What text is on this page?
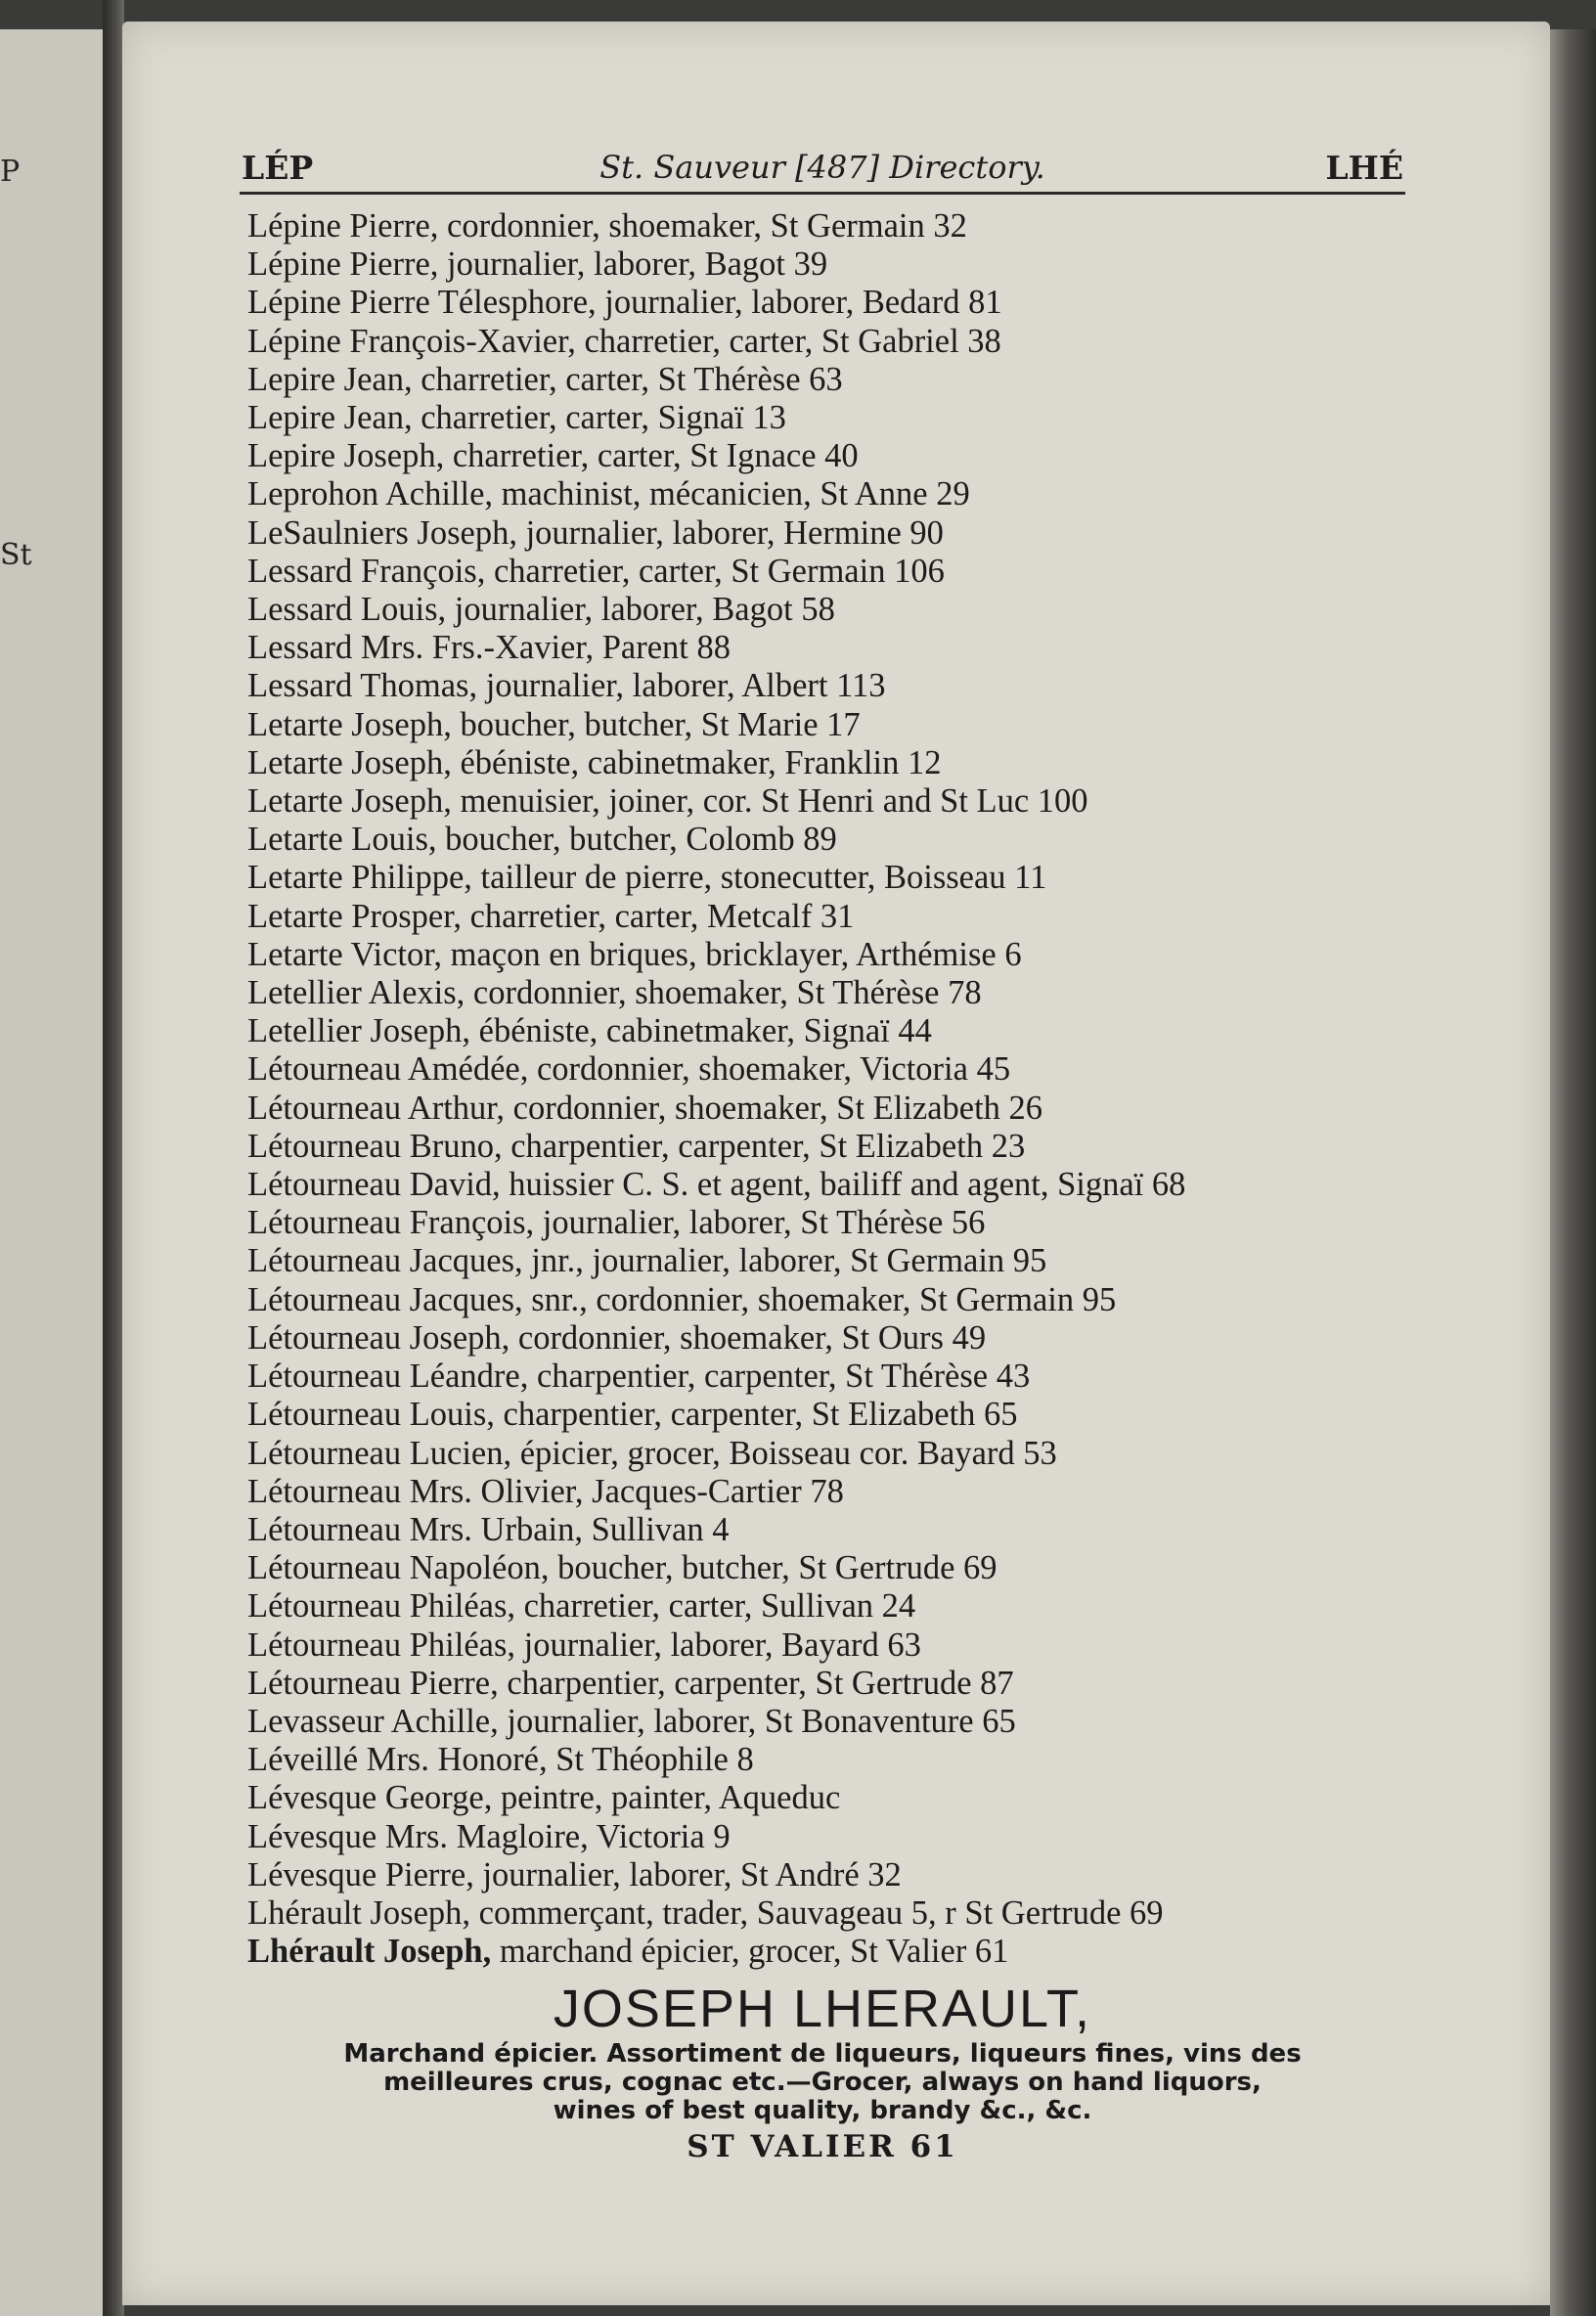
P
St
LÉP	St. Sauveur [487] Directory.	LHÉ
Lépine Pierre, cordonnier, shoemaker, St Germain 32
Lépine Pierre, journalier, laborer, Bagot 39
Lépine Pierre Télesphore, journalier, laborer, Bedard 81
Lépine François-Xavier, charretier, carter, St Gabriel 38
Lepire Jean, charretier, carter, St Thérèse 63
Lepire Jean, charretier, carter, Signaï 13
Lepire Joseph, charretier, carter, St Ignace 40
Leprohon Achille, machinist, mécanicien, St Anne 29
LeSaulniers Joseph, journalier, laborer, Hermine 90
Lessard François, charretier, carter, St Germain 106
Lessard Louis, journalier, laborer, Bagot 58
Lessard Mrs. Frs.-Xavier, Parent 88
Lessard Thomas, journalier, laborer, Albert 113
Letarte Joseph, boucher, butcher, St Marie 17
Letarte Joseph, ébéniste, cabinetmaker, Franklin 12
Letarte Joseph, menuisier, joiner, cor. St Henri and St Luc 100
Letarte Louis, boucher, butcher, Colomb 89
Letarte Philippe, tailleur de pierre, stonecutter, Boisseau 11
Letarte Prosper, charretier, carter, Metcalf 31
Letarte Victor, maçon en briques, bricklayer, Arthémise 6
Letellier Alexis, cordonnier, shoemaker, St Thérèse 78
Letellier Joseph, ébéniste, cabinetmaker, Signaï 44
Létourneau Amédée, cordonnier, shoemaker, Victoria 45
Létourneau Arthur, cordonnier, shoemaker, St Elizabeth 26
Létourneau Bruno, charpentier, carpenter, St Elizabeth 23
Létourneau David, huissier C. S. et agent, bailiff and agent, Signaï 68
Létourneau François, journalier, laborer, St Thérèse 56
Létourneau Jacques, jnr., journalier, laborer, St Germain 95
Létourneau Jacques, snr., cordonnier, shoemaker, St Germain 95
Létourneau Joseph, cordonnier, shoemaker, St Ours 49
Létourneau Léandre, charpentier, carpenter, St Thérèse 43
Létourneau Louis, charpentier, carpenter, St Elizabeth 65
Létourneau Lucien, épicier, grocer, Boisseau cor. Bayard 53
Létourneau Mrs. Olivier, Jacques-Cartier 78
Létourneau Mrs. Urbain, Sullivan 4
Létourneau Napoléon, boucher, butcher, St Gertrude 69
Létourneau Philéas, charretier, carter, Sullivan 24
Létourneau Philéas, journalier, laborer, Bayard 63
Létourneau Pierre, charpentier, carpenter, St Gertrude 87
Levasseur Achille, journalier, laborer, St Bonaventure 65
Léveillé Mrs. Honoré, St Théophile 8
Lévesque George, peintre, painter, Aqueduc
Lévesque Mrs. Magloire, Victoria 9
Lévesque Pierre, journalier, laborer, St André 32
Lhérault Joseph, commerçant, trader, Sauvageau 5, r St Gertrude 69
Lhérault Joseph, marchand épicier, grocer, St Valier 61
JOSEPH LHERAULT,
Marchand épicier. Assortiment de liqueurs, liqueurs fines, vins des
meilleures crus, cognac etc.—Grocer, always on hand liquors,
wines of best quality, brandy &c., &c.
ST VALIER 61
